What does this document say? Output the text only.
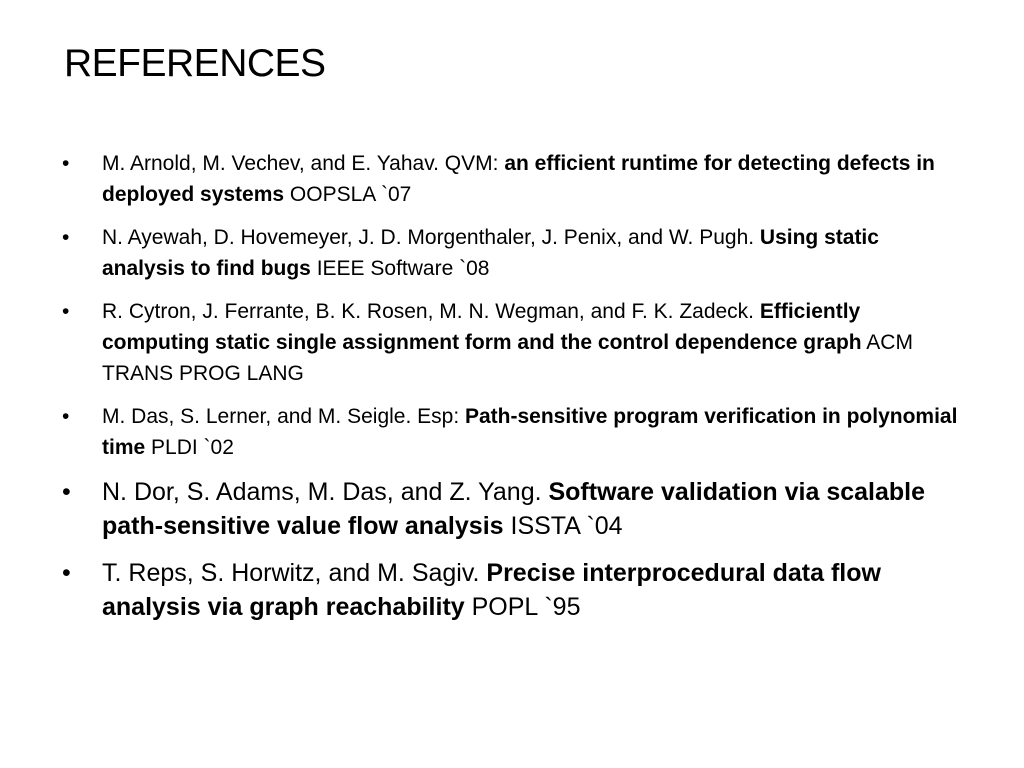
REFERENCES
• M. Arnold, M. Vechev, and E. Yahav. QVM: an efficient runtime for detecting defects in deployed systems OOPSLA `07
• N. Ayewah, D. Hovemeyer, J. D. Morgenthaler, J. Penix, and W. Pugh. Using static analysis to find bugs IEEE Software `08
• R. Cytron, J. Ferrante, B. K. Rosen, M. N. Wegman, and F. K. Zadeck. Efficiently computing static single assignment form and the control dependence graph ACM TRANS PROG LANG
• M. Das, S. Lerner, and M. Seigle. Esp: Path-sensitive program verification in polynomial time PLDI `02
• N. Dor, S. Adams, M. Das, and Z. Yang. Software validation via scalable path-sensitive value flow analysis ISSTA `04
• T. Reps, S. Horwitz, and M. Sagiv. Precise interprocedural data flow analysis via graph reachability POPL `95
